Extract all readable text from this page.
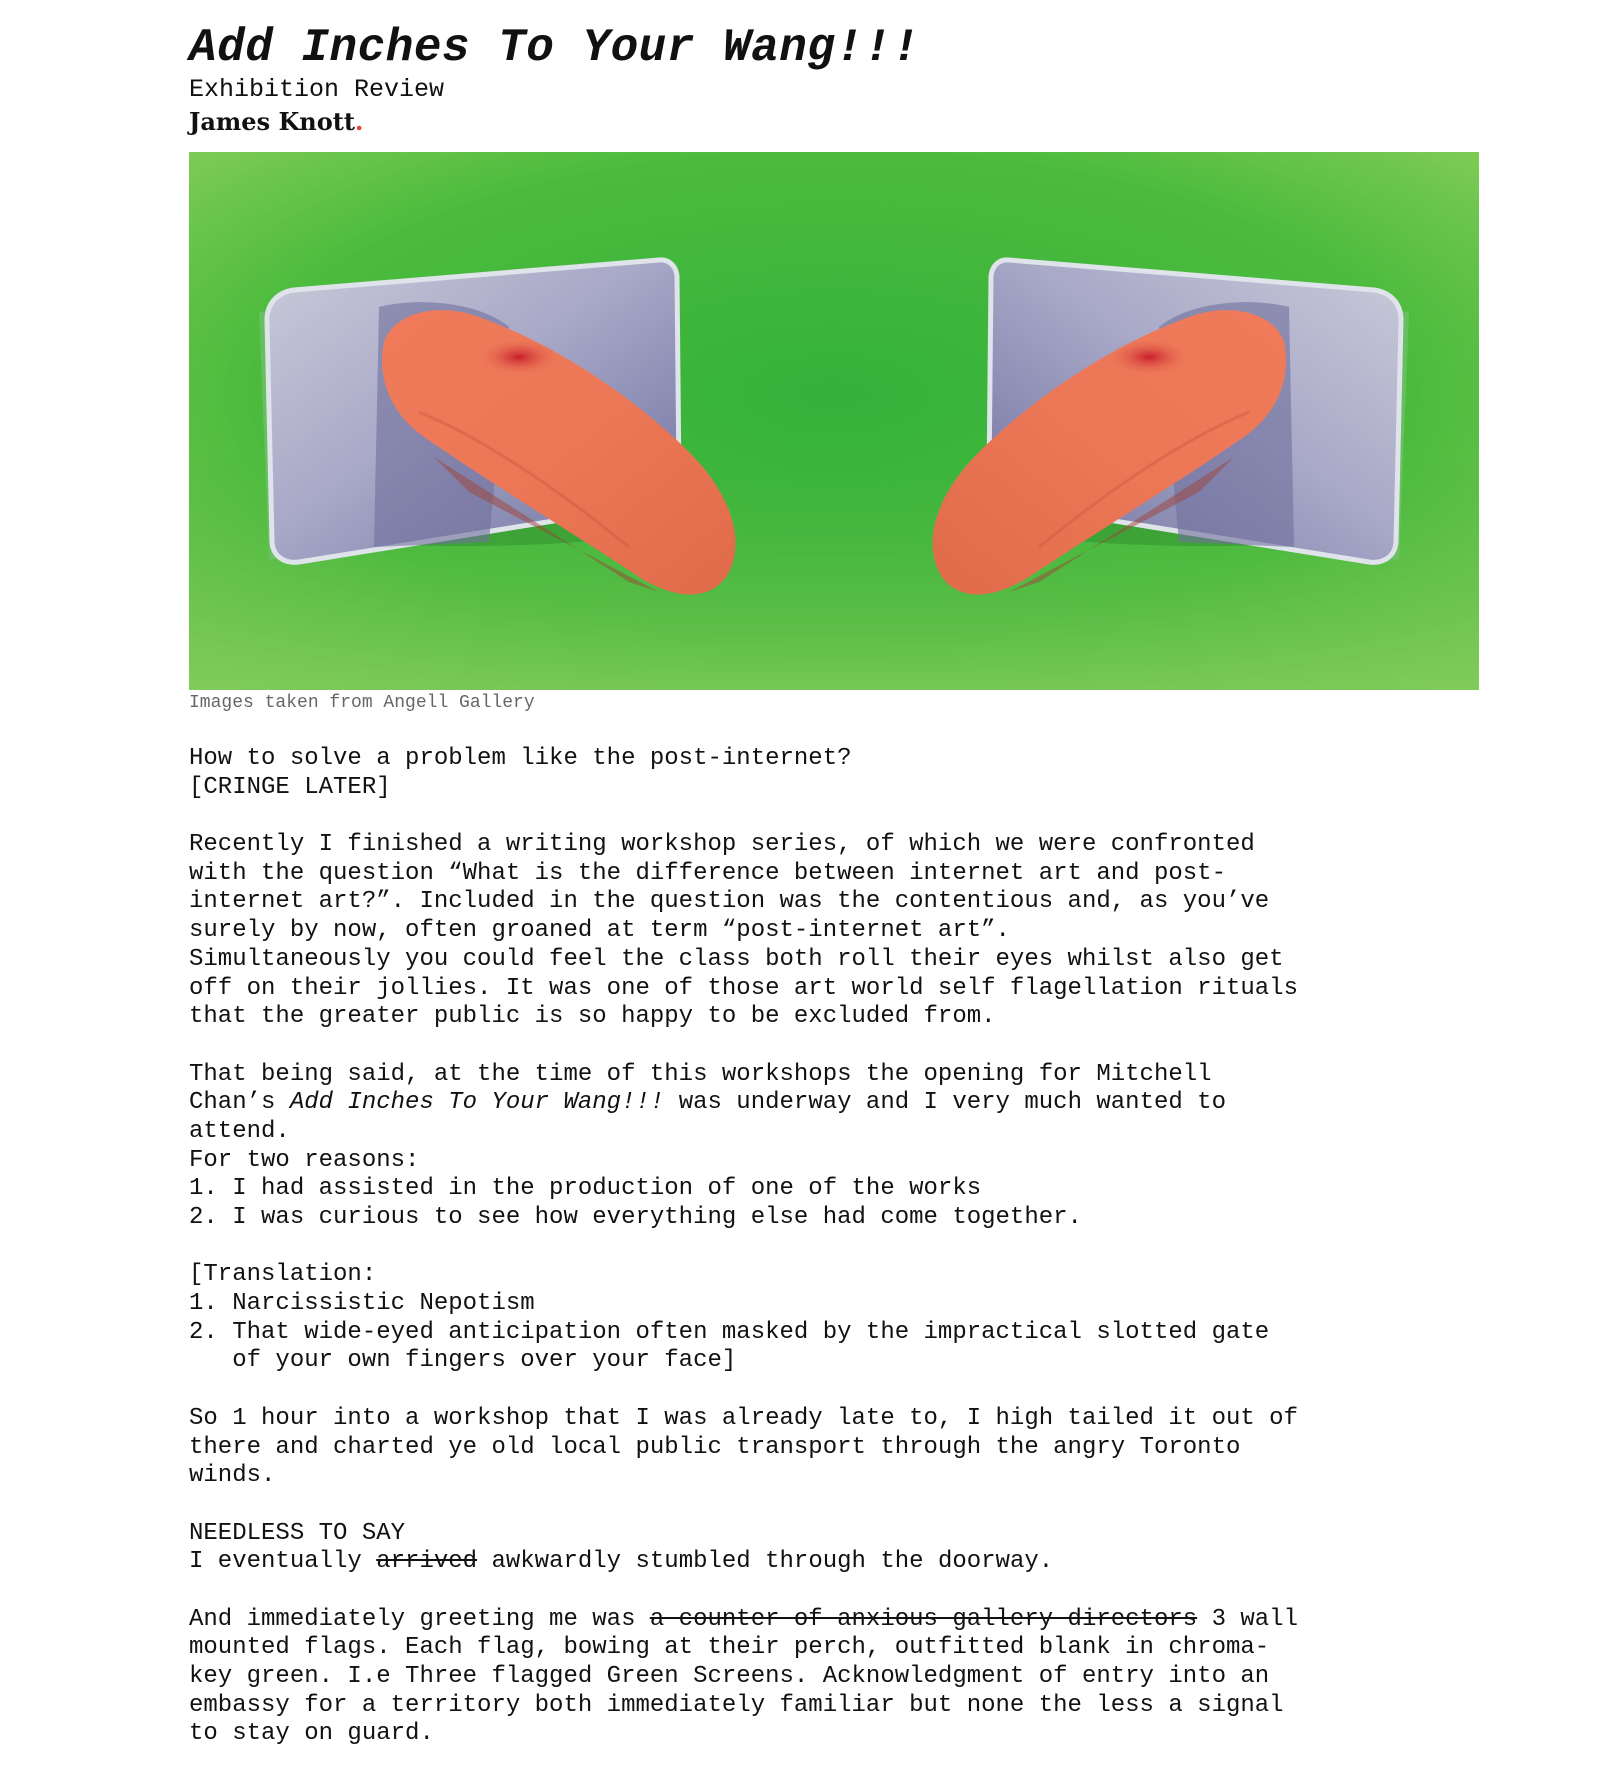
Add Inches To Your Wang!!!
Exhibition Review
James Knott.
Images taken from Angell Gallery
How to solve a problem like the post-internet?
[CRINGE LATER]
Recently I finished a writing workshop series, of which we were confronted
with the question “What is the difference between internet art and post-
internet art?”. Included in the question was the contentious and, as you’ve
surely by now, often groaned at term “post-internet art”.
Simultaneously you could feel the class both roll their eyes whilst also get
off on their jollies. It was one of those art world self flagellation rituals
that the greater public is so happy to be excluded from.
That being said, at the time of this workshops the opening for Mitchell
Chan’s Add Inches To Your Wang!!! was underway and I very much wanted to
attend.
For two reasons:
1. I had assisted in the production of one of the works
2. I was curious to see how everything else had come together.
[Translation:
1. Narcissistic Nepotism
2. That wide-eyed anticipation often masked by the impractical slotted gate
of your own fingers over your face]
So 1 hour into a workshop that I was already late to, I high tailed it out of
there and charted ye old local public transport through the angry Toronto
winds.
NEEDLESS TO SAY
I eventually arrived awkwardly stumbled through the doorway.
And immediately greeting me was a counter of anxious gallery directors 3 wall
mounted flags. Each flag, bowing at their perch, outfitted blank in chroma-
key green. I.e Three flagged Green Screens. Acknowledgment of entry into an
embassy for a territory both immediately familiar but none the less a signal
to stay on guard.
